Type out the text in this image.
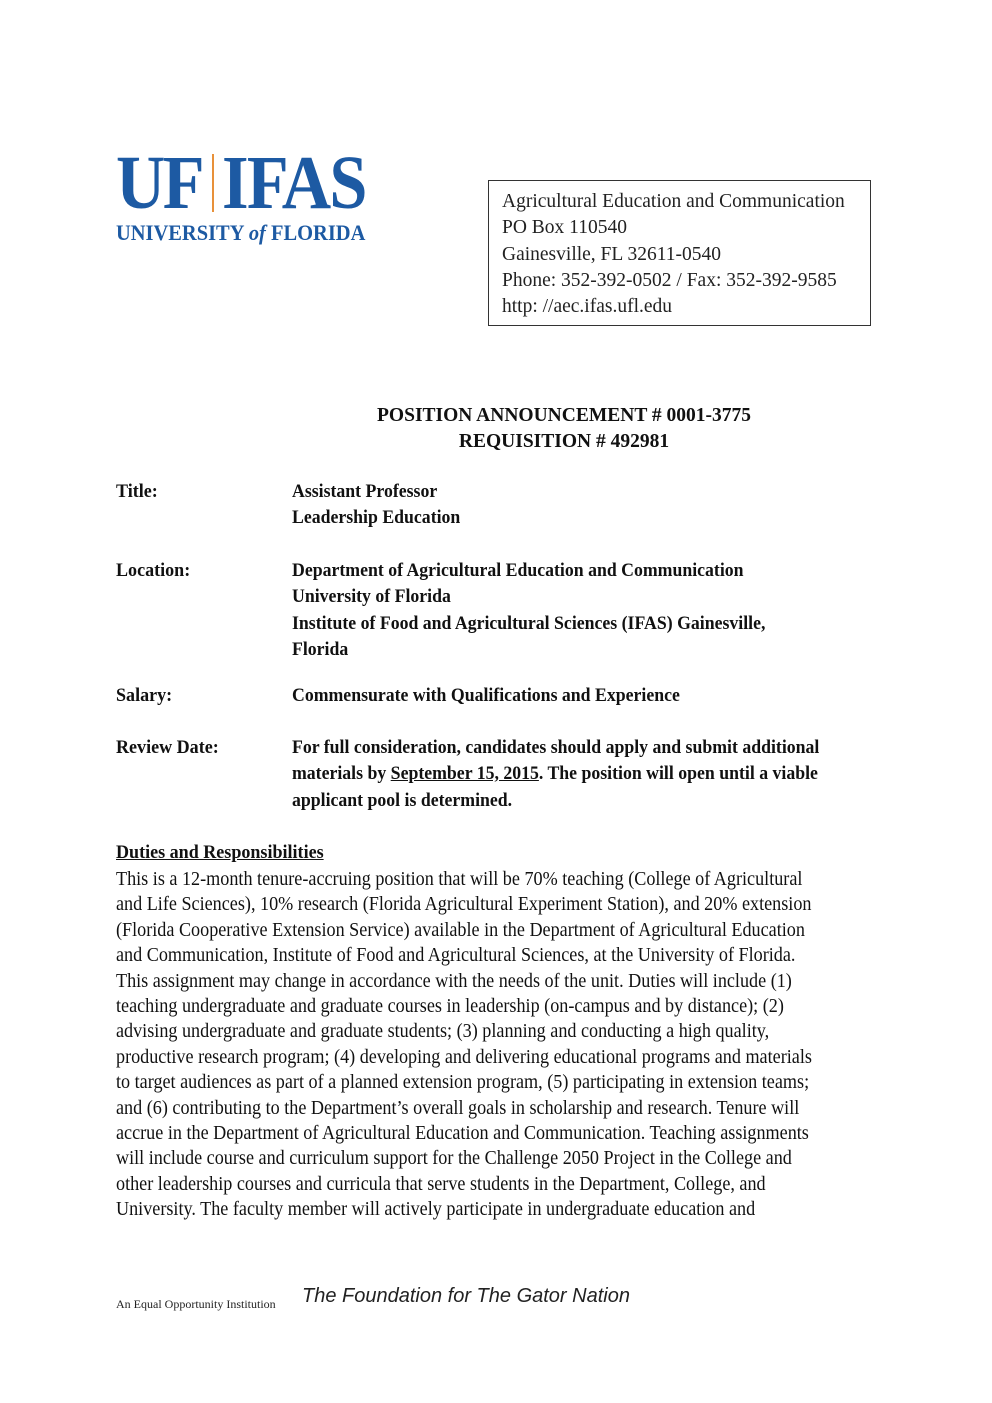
UF IFAS
UNIVERSITY of FLORIDA
Agricultural Education and Communication
PO Box 110540
Gainesville, FL 32611-0540
Phone: 352-392-0502 / Fax: 352-392-9585
http: //aec.ifas.ufl.edu
POSITION ANNOUNCEMENT # 0001-3775
REQUISITION # 492981
Title:	Assistant Professor
Leadership Education
Location:	Department of Agricultural Education and Communication
University of Florida
Institute of Food and Agricultural Sciences (IFAS) Gainesville,
Florida
Salary:	Commensurate with Qualifications and Experience
Review Date:	For full consideration, candidates should apply and submit additional
materials by September 15, 2015. The position will open until a viable
applicant pool is determined.
Duties and Responsibilities
This is a 12-month tenure-accruing position that will be 70% teaching (College of Agricultural
and Life Sciences), 10% research (Florida Agricultural Experiment Station), and 20% extension
(Florida Cooperative Extension Service) available in the Department of Agricultural Education
and Communication, Institute of Food and Agricultural Sciences, at the University of Florida.
This assignment may change in accordance with the needs of the unit. Duties will include (1)
teaching undergraduate and graduate courses in leadership (on-campus and by distance); (2)
advising undergraduate and graduate students; (3) planning and conducting a high quality,
productive research program; (4) developing and delivering educational programs and materials
to target audiences as part of a planned extension program, (5) participating in extension teams;
and (6) contributing to the Department’s overall goals in scholarship and research. Tenure will
accrue in the Department of Agricultural Education and Communication. Teaching assignments
will include course and curriculum support for the Challenge 2050 Project in the College and
other leadership courses and curricula that serve students in the Department, College, and
University. The faculty member will actively participate in undergraduate education and
An Equal Opportunity Institution The Foundation for The Gator Nation
